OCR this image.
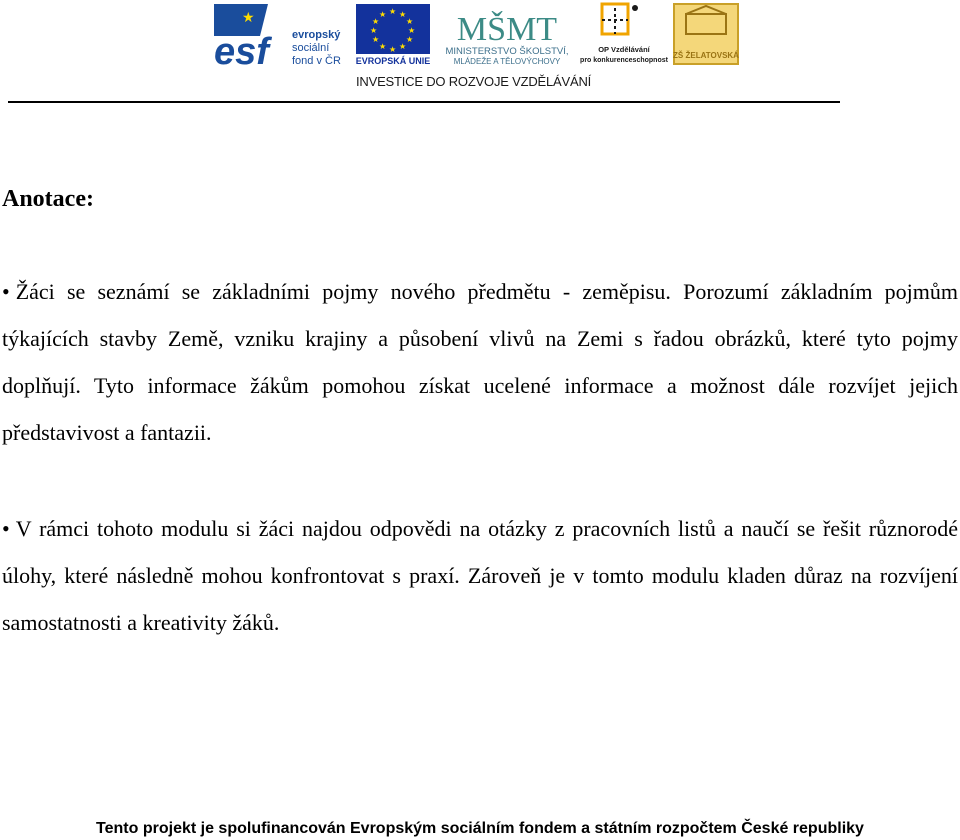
★
esf	evropský
sociální
fond v ČR
★ ★
★
★
★
★
★
★
★
★
★
★
EVROPSKÁ UNIE
MŠMT
MINISTERSTVO ŠKOLSTVÍ,
MLÁDEŽE A TĚLOVÝCHOVY
OP Vzdělávání
pro konkurenceschopnost
ZŠ ŽELATOVSKÁ
INVESTICE DO ROZVOJE VZDĚLÁVÁNÍ
Anotace:
• Žáci se seznámí se základními pojmy nového předmětu - zeměpisu. Porozumí základním pojmům týkajících stavby Země, vzniku krajiny a působení vlivů na Zemi s řadou obrázků, které tyto pojmy doplňují. Tyto informace žákům pomohou získat ucelené informace a možnost dále rozvíjet jejich představivost a fantazii.
• V rámci tohoto modulu si žáci najdou odpovědi na otázky z pracovních listů a naučí se řešit různorodé úlohy, které následně mohou konfrontovat s praxí. Zároveň je v tomto modulu kladen důraz na rozvíjení samostatnosti a kreativity žáků.
Tento projekt je spolufinancován Evropským sociálním fondem a státním rozpočtem České republiky
